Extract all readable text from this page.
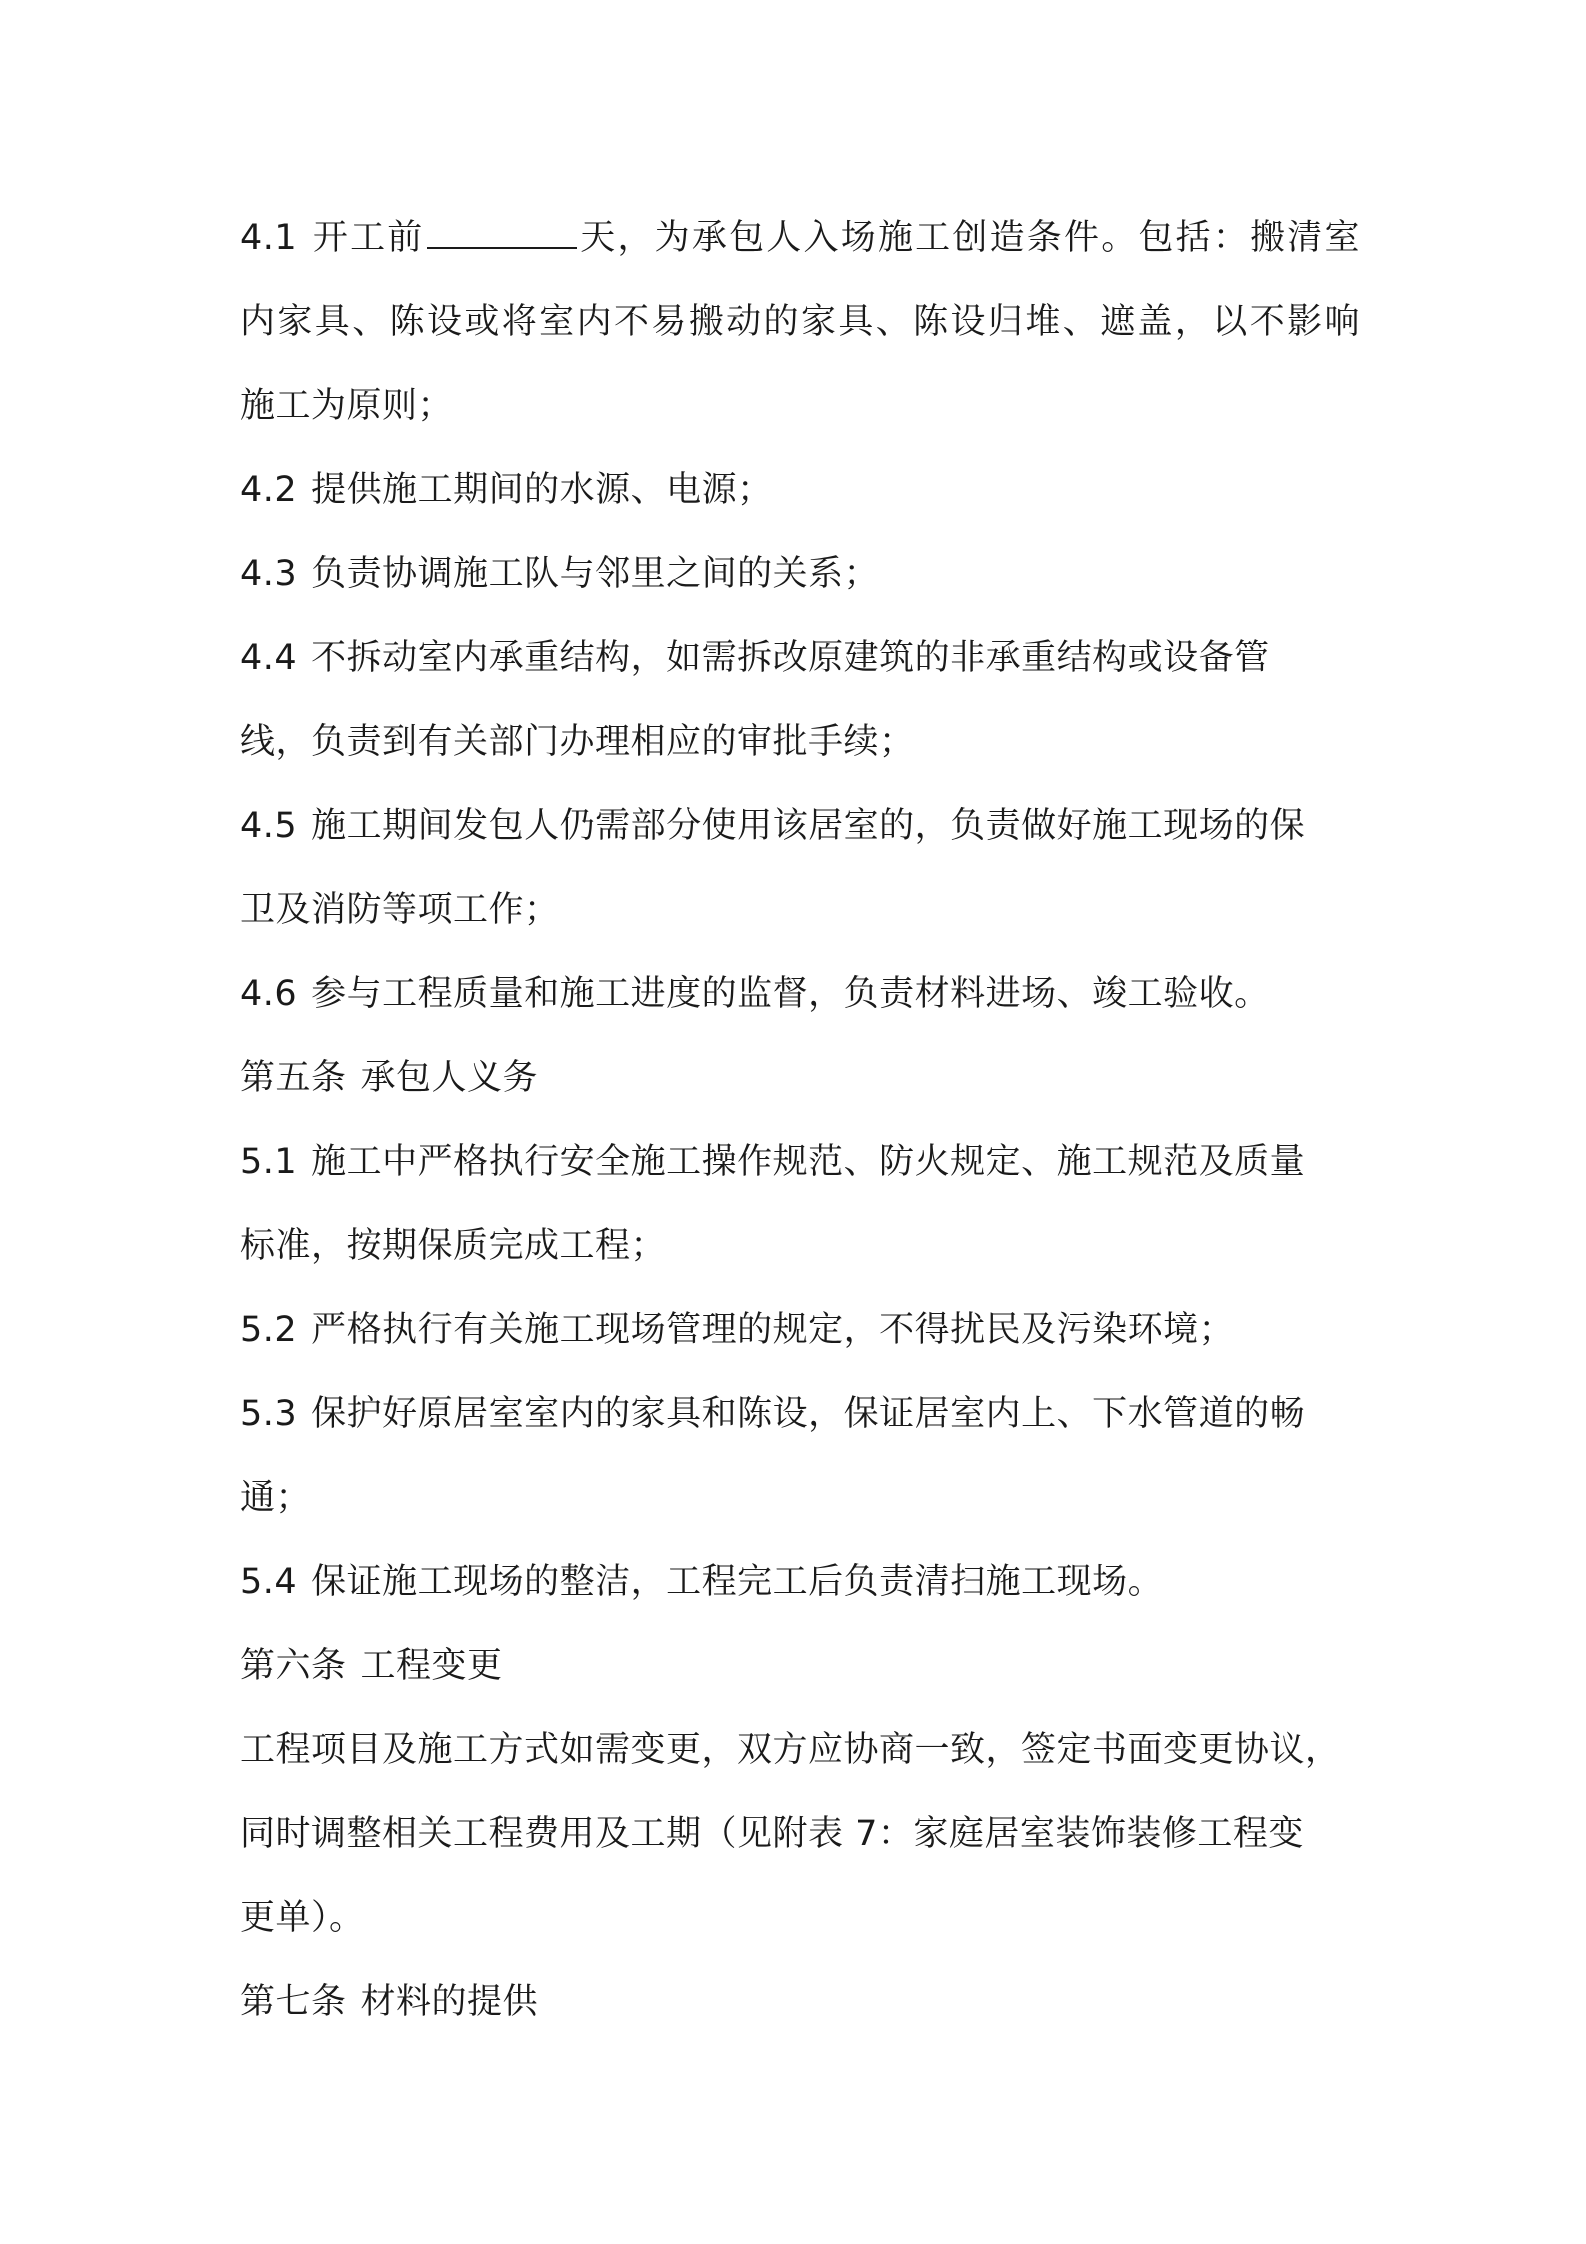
4.1 开工前	天，为承包人入场施工创造条件。包括：搬清室
内家具、陈设或将室内不易搬动的家具、陈设归堆、遮盖，以不影响
施工为原则；
4.2 提供施工期间的水源、电源；
4.3 负责协调施工队与邻里之间的关系；
4.4 不拆动室内承重结构，如需拆改原建筑的非承重结构或设备管
线，负责到有关部门办理相应的审批手续；
4.5 施工期间发包人仍需部分使用该居室的，负责做好施工现场的保
卫及消防等项工作；
4.6 参与工程质量和施工进度的监督，负责材料进场、竣工验收。
第五条 承包人义务
5.1 施工中严格执行安全施工操作规范、防火规定、施工规范及质量
标准，按期保质完成工程；
5.2 严格执行有关施工现场管理的规定，不得扰民及污染环境；
5.3 保护好原居室室内的家具和陈设，保证居室内上、下水管道的畅
通；
5.4 保证施工现场的整洁，工程完工后负责清扫施工现场。
第六条 工程变更
工程项目及施工方式如需变更，双方应协商一致，签定书面变更协议，
同时调整相关工程费用及工期（见附表 7：家庭居室装饰装修工程变
更单）。
第七条 材料的提供
